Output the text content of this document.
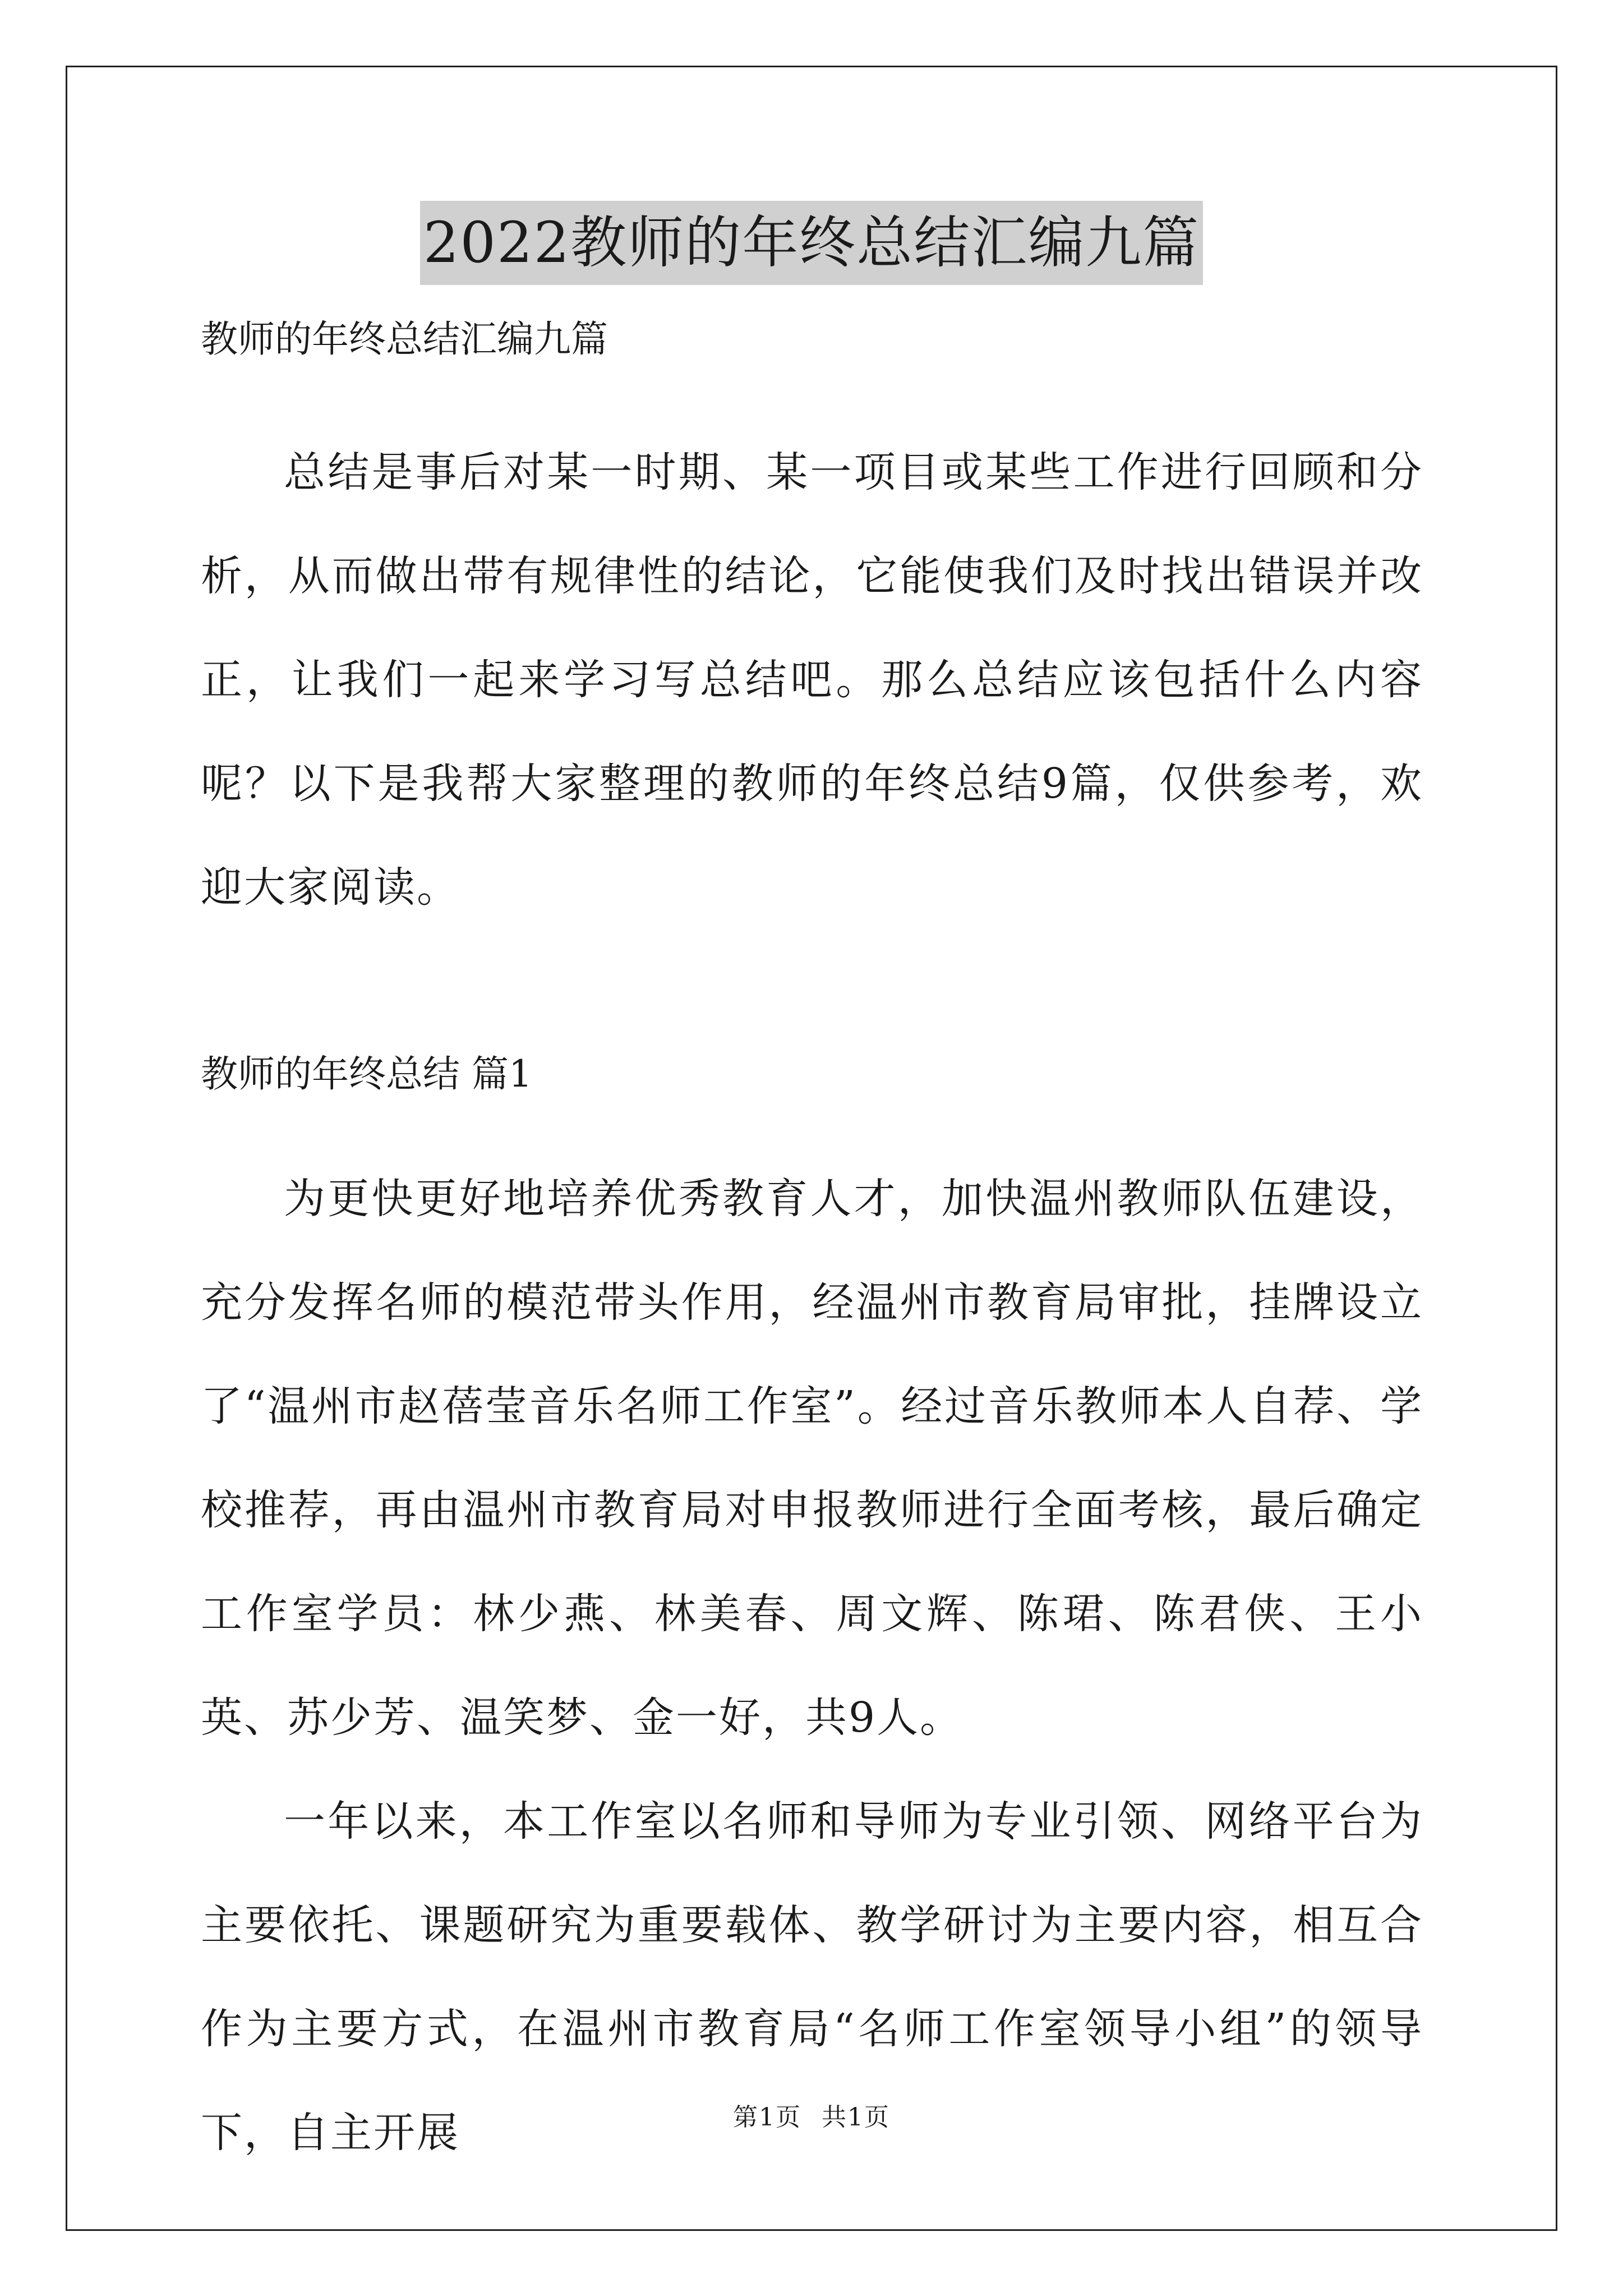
2022教师的年终总结汇编九篇

教师的年终总结汇编九篇

总结是事后对某一时期、某一项目或某些工作进行回顾和分析，从而做出带有规律性的结论，它能使我们及时找出错误并改正，让我们一起来学习写总结吧。那么总结应该包括什么内容呢？以下是我帮大家整理的教师的年终总结9篇，仅供参考，欢迎大家阅读。

教师的年终总结 篇1

为更快更好地培养优秀教育人才，加快温州教师队伍建设，充分发挥名师的模范带头作用，经温州市教育局审批，挂牌设立了“温州市赵蓓莹音乐名师工作室”。经过音乐教师本人自荐、学校推荐，再由温州市教育局对申报教师进行全面考核，最后确定工作室学员：林少燕、林美春、周文辉、陈珺、陈君侠、王小英、苏少芳、温笑梦、金一好，共9人。

一年以来，本工作室以名师和导师为专业引领、网络平台为主要依托、课题研究为重要载体、教学研讨为主要内容，相互合作为主要方式，在温州市教育局“名师工作室领导小组”的领导下，自主开展	第1页 共1页
